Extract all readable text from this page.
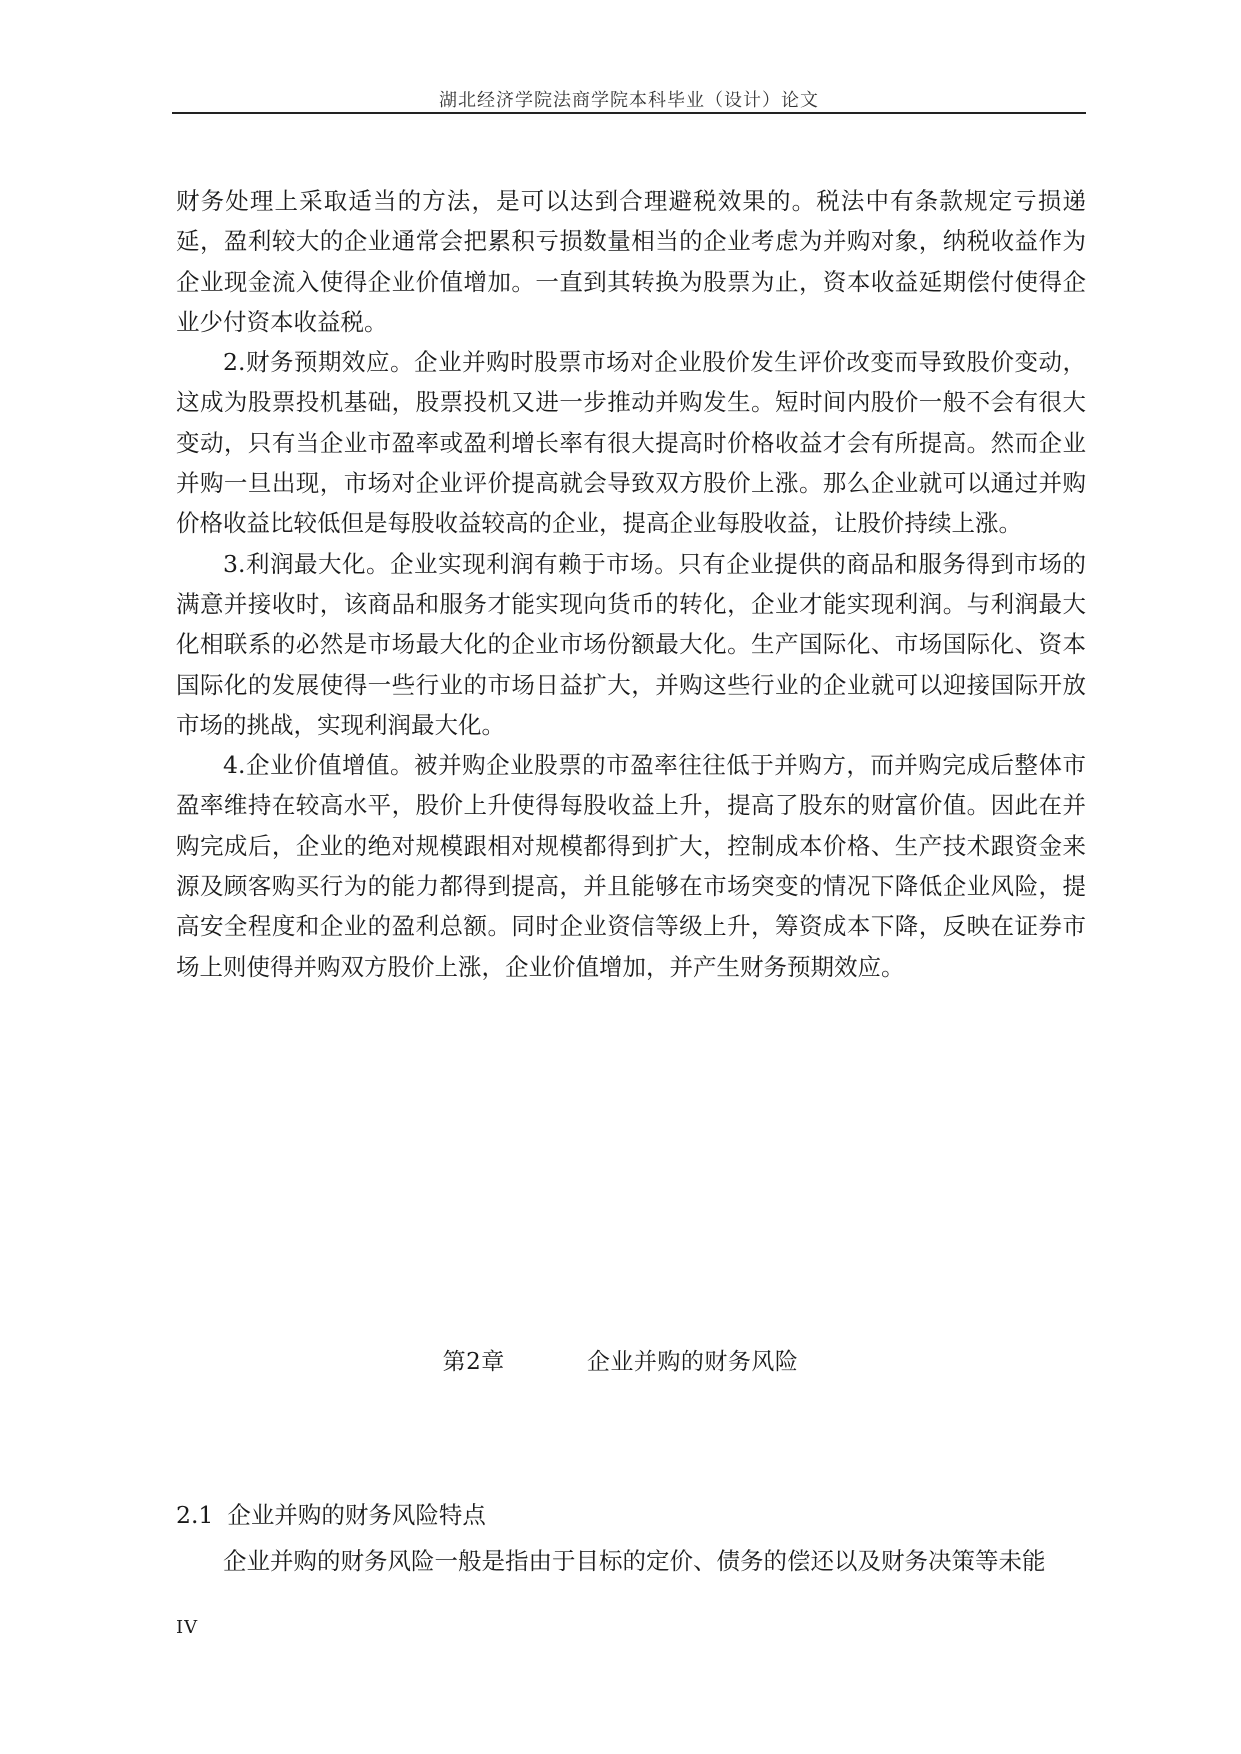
湖北经济学院法商学院本科毕业（设计）论文

财务处理上采取适当的方法，是可以达到合理避税效果的。税法中有条款规定亏损递延，盈利较大的企业通常会把累积亏损数量相当的企业考虑为并购对象，纳税收益作为企业现金流入使得企业价值增加。一直到其转换为股票为止，资本收益延期偿付使得企业少付资本收益税。

2.财务预期效应。企业并购时股票市场对企业股价发生评价改变而导致股价变动，这成为股票投机基础，股票投机又进一步推动并购发生。短时间内股价一般不会有很大变动，只有当企业市盈率或盈利增长率有很大提高时价格收益才会有所提高。然而企业并购一旦出现，市场对企业评价提高就会导致双方股价上涨。那么企业就可以通过并购价格收益比较低但是每股收益较高的企业，提高企业每股收益，让股价持续上涨。

3.利润最大化。企业实现利润有赖于市场。只有企业提供的商品和服务得到市场的满意并接收时，该商品和服务才能实现向货币的转化，企业才能实现利润。与利润最大化相联系的必然是市场最大化的企业市场份额最大化。生产国际化、市场国际化、资本国际化的发展使得一些行业的市场日益扩大，并购这些行业的企业就可以迎接国际开放市场的挑战，实现利润最大化。

4.企业价值增值。被并购企业股票的市盈率往往低于并购方，而并购完成后整体市盈率维持在较高水平，股价上升使得每股收益上升，提高了股东的财富价值。因此在并购完成后，企业的绝对规模跟相对规模都得到扩大，控制成本价格、生产技术跟资金来源及顾客购买行为的能力都得到提高，并且能够在市场突变的情况下降低企业风险，提高安全程度和企业的盈利总额。同时企业资信等级上升，筹资成本下降，反映在证券市场上则使得并购双方股价上涨，企业价值增加，并产生财务预期效应。

第2章	企业并购的财务风险
2.1 企业并购的财务风险特点

企业并购的财务风险一般是指由于目标的定价、债务的偿还以及财务决策等未能

IV
